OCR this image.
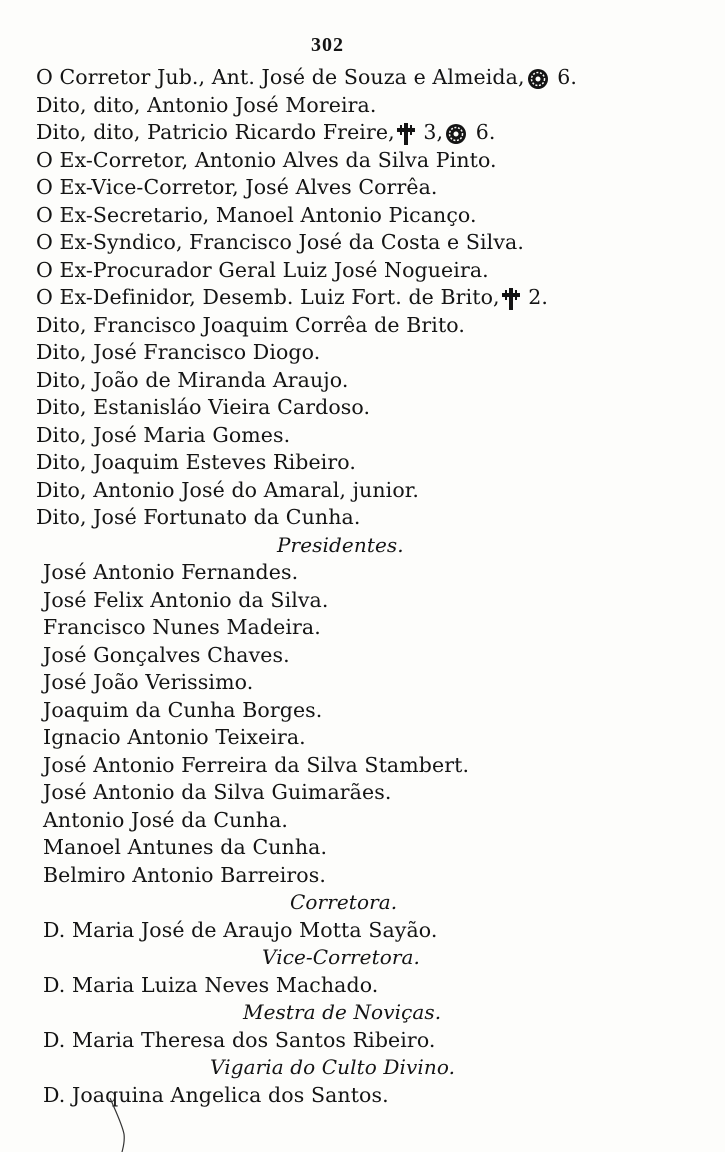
302
O Corretor Jub., Ant. José de Souza e Almeida,
6.
Dito, dito, Antonio José Moreira.
Dito, dito, Patricio Ricardo Freire,
3,
6.
O Ex-Corretor, Antonio Alves da Silva Pinto.
O Ex-Vice-Corretor, José Alves Corrêa.
O Ex-Secretario, Manoel Antonio Picanço.
O Ex-Syndico, Francisco José da Costa e Silva.
O Ex-Procurador Geral Luiz José Nogueira.
O Ex-Definidor, Desemb. Luiz Fort. de Brito,
2.
Dito, Francisco Joaquim Corrêa de Brito.
Dito, José Francisco Diogo.
Dito, João de Miranda Araujo.
Dito, Estanisláo Vieira Cardoso.
Dito, José Maria Gomes.
Dito, Joaquim Esteves Ribeiro.
Dito, Antonio José do Amaral, junior.
Dito, José Fortunato da Cunha.
Presidentes.
José Antonio Fernandes.
José Felix Antonio da Silva.
Francisco Nunes Madeira.
José Gonçalves Chaves.
José João Verissimo.
Joaquim da Cunha Borges.
Ignacio Antonio Teixeira.
José Antonio Ferreira da Silva Stambert.
José Antonio da Silva Guimarães.
Antonio José da Cunha.
Manoel Antunes da Cunha.
Belmiro Antonio Barreiros.
Corretora.
D. Maria José de Araujo Motta Sayão.
Vice-Corretora.
D. Maria Luiza Neves Machado.
Mestra de Noviças.
D. Maria Theresa dos Santos Ribeiro.
Vigaria do Culto Divino.
D. Joaquina Angelica dos Santos.
